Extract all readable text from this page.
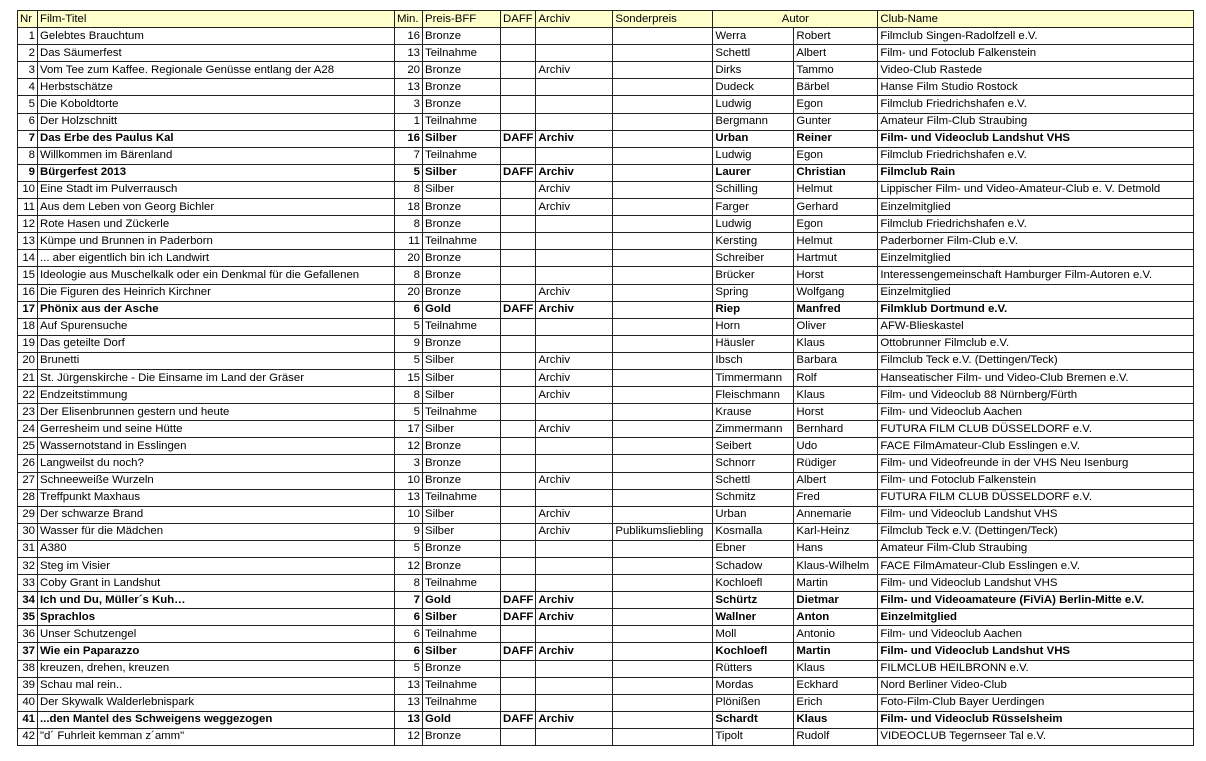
Nr	Film-Titel	Min.	Preis-BFF	DAFF	Archiv	Sonderpreis	Autor		Club-Name
1	Gelebtes Brauchtum	16	Bronze				Werra	Robert	Filmclub Singen-Radolfzell e.V.
2	Das Säumerfest	13	Teilnahme				Schettl	Albert	Film- und Fotoclub Falkenstein
3	Vom Tee zum Kaffee. Regionale Genüsse entlang der A28	20	Bronze		Archiv		Dirks	Tammo	Video-Club Rastede
4	Herbstschätze	13	Bronze				Dudeck	Bärbel	Hanse Film Studio Rostock
5	Die Koboldtorte	3	Bronze				Ludwig	Egon	Filmclub Friedrichshafen e.V.
6	Der Holzschnitt	1	Teilnahme				Bergmann	Gunter	Amateur Film-Club Straubing
7	Das Erbe des Paulus Kal	16	Silber	DAFF	Archiv		Urban	Reiner	Film- und Videoclub Landshut VHS
8	Willkommen im Bärenland	7	Teilnahme				Ludwig	Egon	Filmclub Friedrichshafen e.V.
9	Bürgerfest 2013	5	Silber	DAFF	Archiv		Laurer	Christian	Filmclub Rain
10	Eine Stadt im Pulverrausch	8	Silber		Archiv		Schilling	Helmut	Lippischer Film- und Video-Amateur-Club e. V. Detmold
11	Aus dem Leben von Georg Bichler	18	Bronze		Archiv		Farger	Gerhard	Einzelmitglied
12	Rote Hasen und Zückerle	8	Bronze				Ludwig	Egon	Filmclub Friedrichshafen e.V.
13	Kümpe und Brunnen in Paderborn	11	Teilnahme				Kersting	Helmut	Paderborner Film-Club e.V.
14	... aber eigentlich bin ich Landwirt	20	Bronze				Schreiber	Hartmut	Einzelmitglied
15	Ideologie aus Muschelkalk oder ein Denkmal für die Gefallenen	8	Bronze				Brücker	Horst	Interessengemeinschaft Hamburger Film-Autoren e.V.
16	Die Figuren des Heinrich Kirchner	20	Bronze		Archiv		Spring	Wolfgang	Einzelmitglied
17	Phönix aus der Asche	6	Gold	DAFF	Archiv		Riep	Manfred	Filmklub Dortmund e.V.
18	Auf Spurensuche	5	Teilnahme				Horn	Oliver	AFW-Blieskastel
19	Das geteilte Dorf	9	Bronze				Häusler	Klaus	Ottobrunner Filmclub e.V.
20	Brunetti	5	Silber		Archiv		Ibsch	Barbara	Filmclub Teck e.V. (Dettingen/Teck)
21	St. Jürgenskirche - Die Einsame im Land der Gräser	15	Silber		Archiv		Timmermann	Rolf	Hanseatischer Film- und Video-Club Bremen e.V.
22	Endzeitstimmung	8	Silber		Archiv		Fleischmann	Klaus	Film- und Videoclub 88 Nürnberg/Fürth
23	Der Elisenbrunnen gestern und heute	5	Teilnahme				Krause	Horst	Film- und Videoclub Aachen
24	Gerresheim und seine Hütte	17	Silber		Archiv		Zimmermann	Bernhard	FUTURA FILM CLUB DÜSSELDORF e.V.
25	Wassernotstand in Esslingen	12	Bronze				Seibert	Udo	FACE FilmAmateur-Club Esslingen e.V.
26	Langweilst du noch?	3	Bronze				Schnorr	Rüdiger	Film- und Videofreunde in der VHS Neu Isenburg
27	Schneeweiße Wurzeln	10	Bronze		Archiv		Schettl	Albert	Film- und Fotoclub Falkenstein
28	Treffpunkt Maxhaus	13	Teilnahme				Schmitz	Fred	FUTURA FILM CLUB DÜSSELDORF e.V.
29	Der schwarze Brand	10	Silber		Archiv		Urban	Annemarie	Film- und Videoclub Landshut VHS
30	Wasser für die Mädchen	9	Silber		Archiv	Publikumsliebling	Kosmalla	Karl-Heinz	Filmclub Teck e.V. (Dettingen/Teck)
31	A380	5	Bronze				Ebner	Hans	Amateur Film-Club Straubing
32	Steg im Visier	12	Bronze				Schadow	Klaus-Wilhelm	FACE FilmAmateur-Club Esslingen e.V.
33	Coby Grant in Landshut	8	Teilnahme				Kochloefl	Martin	Film- und Videoclub Landshut VHS
34	Ich und Du, Müller´s Kuh…	7	Gold	DAFF	Archiv		Schürtz	Dietmar	Film- und Videoamateure (FiViA) Berlin-Mitte e.V.
35	Sprachlos	6	Silber	DAFF	Archiv		Wallner	Anton	Einzelmitglied
36	Unser Schutzengel	6	Teilnahme				Moll	Antonio	Film- und Videoclub Aachen
37	Wie ein Paparazzo	6	Silber	DAFF	Archiv		Kochloefl	Martin	Film- und Videoclub Landshut VHS
38	kreuzen, drehen, kreuzen	5	Bronze				Rütters	Klaus	FILMCLUB HEILBRONN e.V.
39	Schau mal rein..	13	Teilnahme				Mordas	Eckhard	Nord Berliner Video-Club
40	Der Skywalk Walderlebnispark	13	Teilnahme				Plönißen	Erich	Foto-Film-Club Bayer Uerdingen
41	...den Mantel des Schweigens weggezogen	13	Gold	DAFF	Archiv		Schardt	Klaus	Film- und Videoclub Rüsselsheim
42	"d´ Fuhrleit kemman z´amm"	12	Bronze				Tipolt	Rudolf	VIDEOCLUB Tegernseer Tal e.V.
